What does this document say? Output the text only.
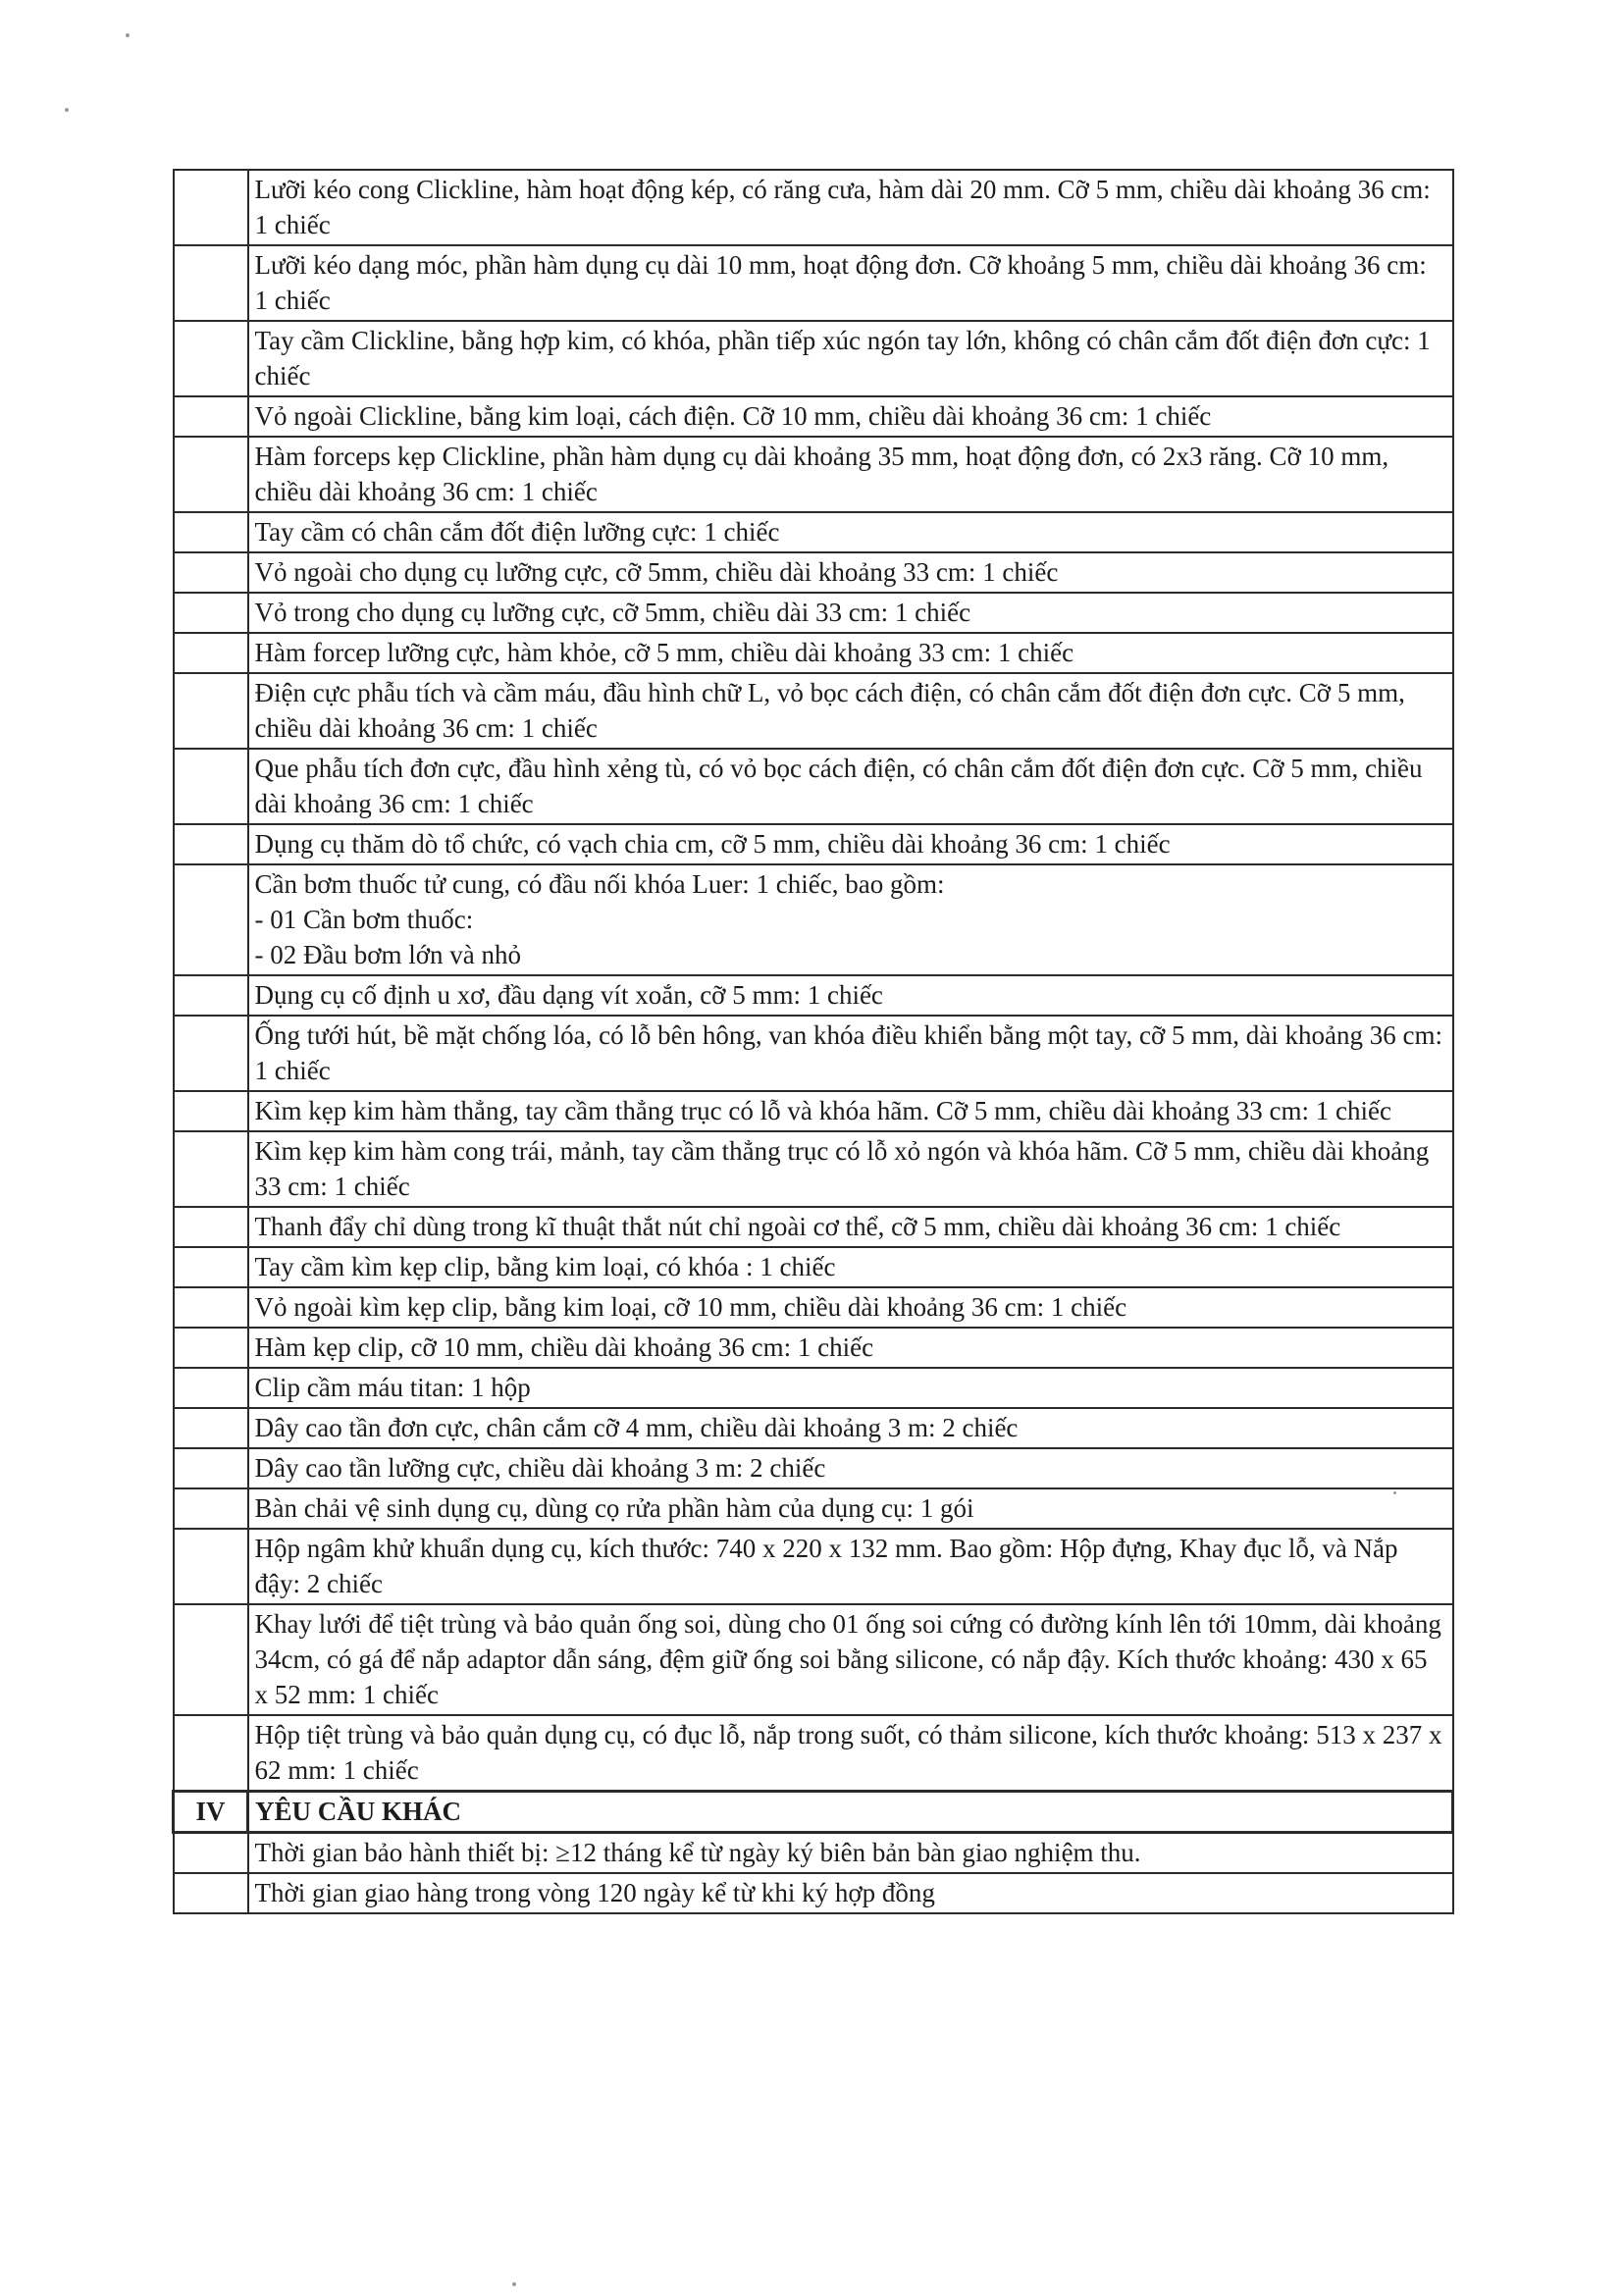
	Lưỡi kéo cong Clickline, hàm hoạt động kép, có răng cưa, hàm dài 20 mm. Cỡ 5 mm, chiều dài khoảng 36 cm: 1 chiếc
	Lưỡi kéo dạng móc, phần hàm dụng cụ dài 10 mm, hoạt động đơn. Cỡ khoảng 5 mm, chiều dài khoảng 36 cm: 1 chiếc
	Tay cầm Clickline, bằng hợp kim, có khóa, phần tiếp xúc ngón tay lớn, không có chân cắm đốt điện đơn cực: 1 chiếc
	Vỏ ngoài Clickline, bằng kim loại, cách điện. Cỡ 10 mm, chiều dài khoảng 36 cm: 1 chiếc
	Hàm forceps kẹp Clickline, phần hàm dụng cụ dài khoảng 35 mm, hoạt động đơn, có 2x3 răng. Cỡ 10 mm, chiều dài khoảng 36 cm: 1 chiếc
	Tay cầm có chân cắm đốt điện lưỡng cực: 1 chiếc
	Vỏ ngoài cho dụng cụ lưỡng cực, cỡ 5mm, chiều dài khoảng 33 cm: 1 chiếc
	Vỏ trong cho dụng cụ lưỡng cực, cỡ 5mm, chiều dài 33 cm: 1 chiếc
	Hàm forcep lưỡng cực, hàm khỏe, cỡ 5 mm, chiều dài khoảng 33 cm: 1 chiếc
	Điện cực phẫu tích và cầm máu, đầu hình chữ L, vỏ bọc cách điện, có chân cắm đốt điện đơn cực. Cỡ 5 mm, chiều dài khoảng 36 cm: 1 chiếc
	Que phẫu tích đơn cực, đầu hình xẻng tù, có vỏ bọc cách điện, có chân cắm đốt điện đơn cực. Cỡ 5 mm, chiều dài khoảng 36 cm: 1 chiếc
	Dụng cụ thăm dò tổ chức, có vạch chia cm, cỡ 5 mm, chiều dài khoảng 36 cm: 1 chiếc
	Cần bơm thuốc tử cung, có đầu nối khóa Luer: 1 chiếc, bao gồm:
- 01 Cần bơm thuốc:
- 02 Đầu bơm lớn và nhỏ
	Dụng cụ cố định u xơ, đầu dạng vít xoắn, cỡ 5 mm: 1 chiếc
	Ống tưới hút, bề mặt chống lóa, có lỗ bên hông, van khóa điều khiển bằng một tay, cỡ 5 mm, dài khoảng 36 cm: 1 chiếc
	Kìm kẹp kim hàm thẳng, tay cầm thẳng trục có lỗ và khóa hãm. Cỡ 5 mm, chiều dài khoảng 33 cm: 1 chiếc
	Kìm kẹp kim hàm cong trái, mảnh, tay cầm thẳng trục có lỗ xỏ ngón và khóa hãm. Cỡ 5 mm, chiều dài khoảng 33 cm: 1 chiếc
	Thanh đẩy chỉ dùng trong kĩ thuật thắt nút chỉ ngoài cơ thể, cỡ 5 mm, chiều dài khoảng 36 cm: 1 chiếc
	Tay cầm kìm kẹp clip, bằng kim loại, có khóa : 1 chiếc
	Vỏ ngoài kìm kẹp clip, bằng kim loại, cỡ 10 mm, chiều dài khoảng 36 cm: 1 chiếc
	Hàm kẹp clip, cỡ 10 mm, chiều dài khoảng 36 cm: 1 chiếc
	Clip cầm máu titan: 1 hộp
	Dây cao tần đơn cực, chân cắm cỡ 4 mm, chiều dài khoảng 3 m: 2 chiếc
	Dây cao tần lưỡng cực, chiều dài khoảng 3 m: 2 chiếc
	Bàn chải vệ sinh dụng cụ, dùng cọ rửa phần hàm của dụng cụ: 1 gói
	Hộp ngâm khử khuẩn dụng cụ, kích thước: 740 x 220 x 132 mm. Bao gồm: Hộp đựng, Khay đục lỗ, và Nắp đậy: 2 chiếc
	Khay lưới để tiệt trùng và bảo quản ống soi, dùng cho 01 ống soi cứng có đường kính lên tới 10mm, dài khoảng 34cm, có gá để nắp adaptor dẫn sáng, đệm giữ ống soi bằng silicone, có nắp đậy. Kích thước khoảng: 430 x 65 x 52 mm: 1 chiếc
	Hộp tiệt trùng và bảo quản dụng cụ, có đục lỗ, nắp trong suốt, có thảm silicone, kích thước khoảng: 513 x 237 x 62 mm: 1 chiếc
IV	YÊU CẦU KHÁC
	Thời gian bảo hành thiết bị: ≥12 tháng kể từ ngày ký biên bản bàn giao nghiệm thu.
	Thời gian giao hàng trong vòng 120 ngày kể từ khi ký hợp đồng
